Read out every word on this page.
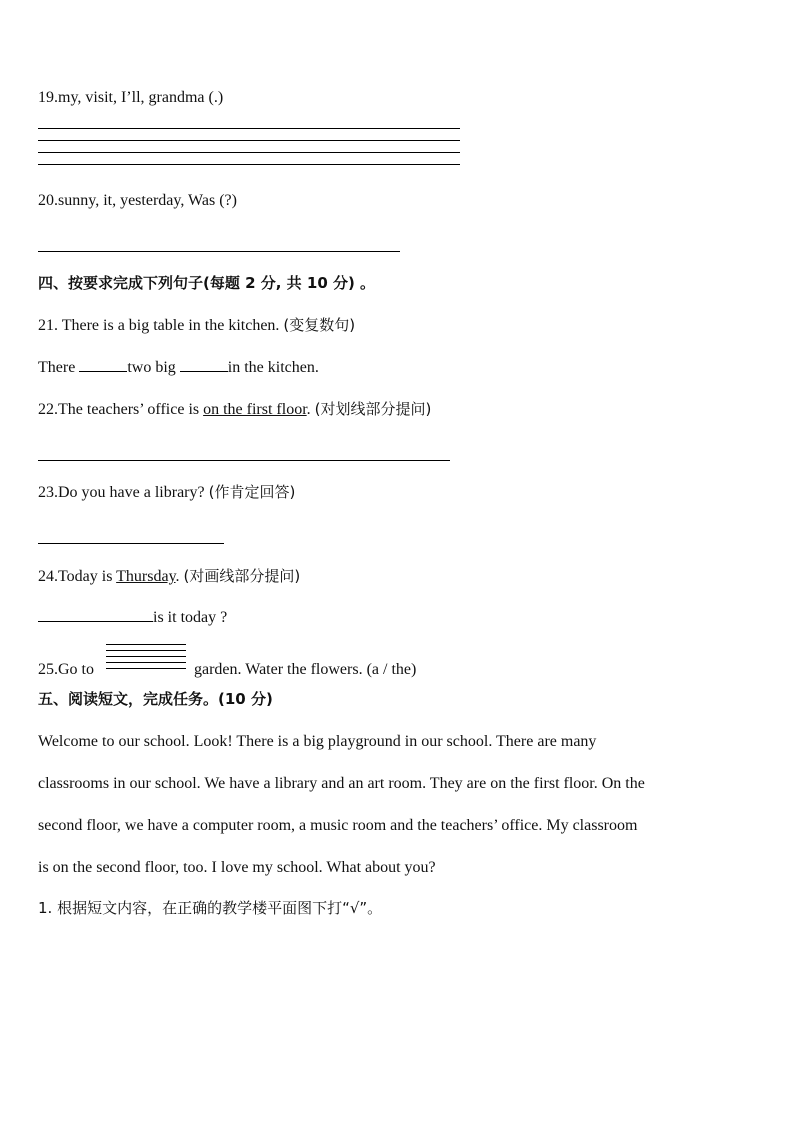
19.my, visit, I’ll, grandma (.)
20.sunny, it, yesterday, Was (?)
四、按要求完成下列句子(每题 2 分, 共 10 分) 。
21. There is a big table in the kitchen. (变复数句)
There	two big	in the kitchen.
22.The teachers’ office is on the first floor. (对划线部分提问)
23.Do you have a library? (作肯定回答)
24.Today is Thursday. (对画线部分提问)
is it today ?
25.Go to	garden. Water the flowers. (a / the)
五、阅读短文，完成任务。(10 分)
Welcome to our school. Look! There is a big playground in our school. There are many
classrooms in our school. We have a library and an art room. They are on the first floor. On the
second floor, we have a computer room, a music room and the teachers’ office. My classroom
is on the second floor, too. I love my school. What about you?
1. 根据短文内容，在正确的教学楼平面图下打“√”。
